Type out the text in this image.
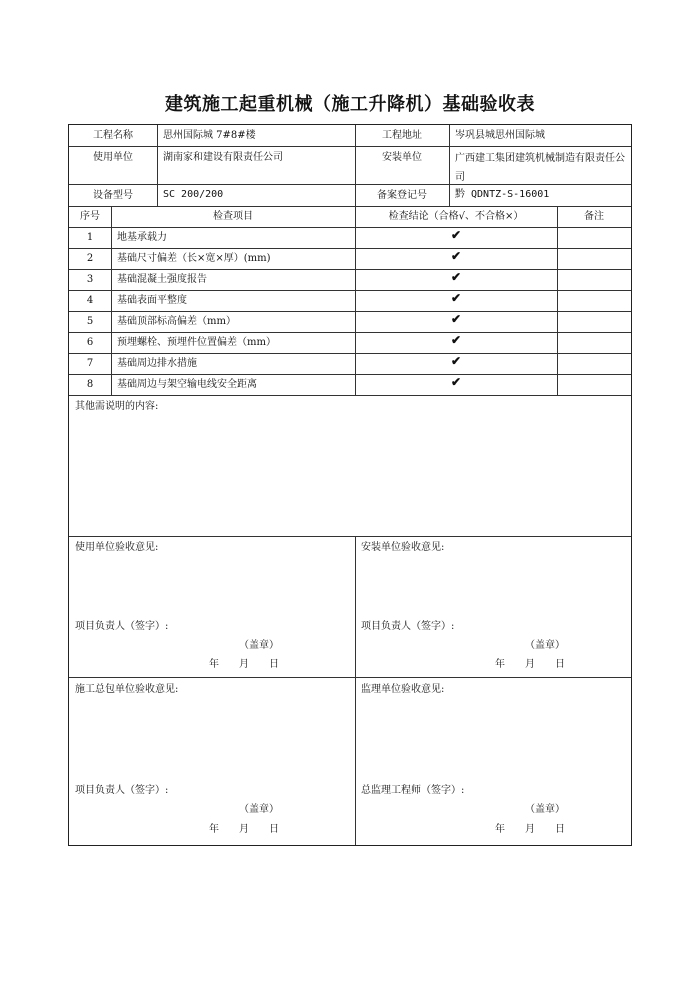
建筑施工起重机械（施工升降机）基础验收表
工程名称	思州国际城 7#8#楼	工程地址	岑巩县城思州国际城
使用单位	湖南家和建设有限责任公司	安装单位	广西建工集团建筑机械制造有限责任公司
设备型号	SC 200/200	备案登记号	黔 QDNTZ-S-16001
序号	检查项目	检查结论（合格√、不合格×）	备注
1	地基承载力	✔
2	基础尺寸偏差（长×宽×厚）(mm)	✔
3	基础混凝土强度报告	✔
4	基础表面平整度	✔
5	基础顶部标高偏差（mm）	✔
6	预埋螺栓、预埋件位置偏差（mm）	✔
7	基础周边排水措施	✔
8	基础周边与架空输电线安全距离	✔
其他需说明的内容:
使用单位验收意见:
项目负责人（签字）:
（盖章）
年　　月　　日
安装单位验收意见:
项目负责人（签字）:
（盖章）
年　　月　　日
施工总包单位验收意见:
项目负责人（签字）:
（盖章）
年　　月　　日
监理单位验收意见:
总监理工程师（签字）:
（盖章）
年　　月　　日
